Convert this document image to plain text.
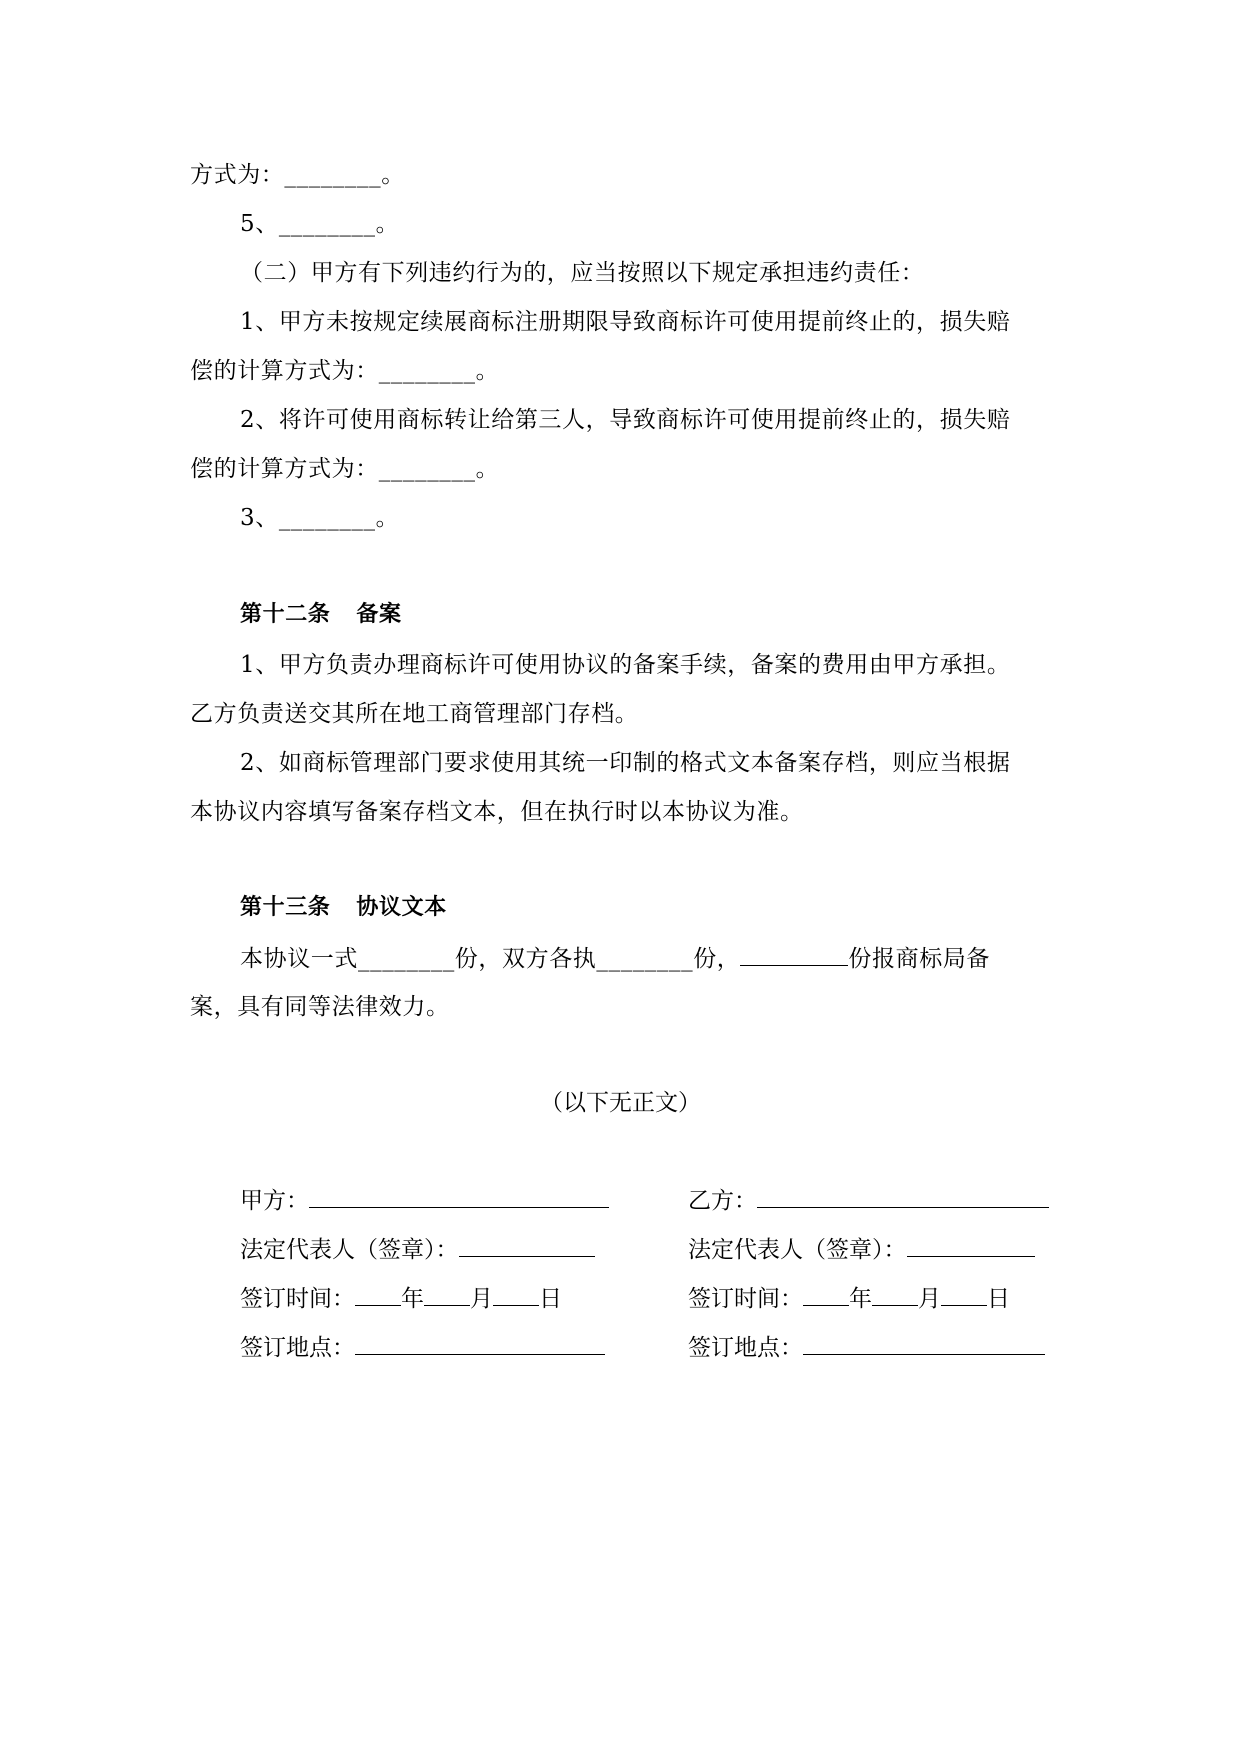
方式为：________。
5、________。
（二）甲方有下列违约行为的，应当按照以下规定承担违约责任：
1、甲方未按规定续展商标注册期限导致商标许可使用提前终止的，损失赔
偿的计算方式为：________。
2、将许可使用商标转让给第三人，导致商标许可使用提前终止的，损失赔
偿的计算方式为：________。
3、________。
第十二条 备案
1、甲方负责办理商标许可使用协议的备案手续，备案的费用由甲方承担。
乙方负责送交其所在地工商管理部门存档。
2、如商标管理部门要求使用其统一印制的格式文本备案存档，则应当根据
本协议内容填写备案存档文本，但在执行时以本协议为准。
第十三条 协议文本
本协议一式________份，双方各执________份，	份报商标局备
案，具有同等法律效力。
（以下无正文）
甲方：
法定代表人（签章）：
签订时间： 年 月 日
签订地点：
乙方：
法定代表人（签章）：
签订时间： 年 月 日
签订地点：
